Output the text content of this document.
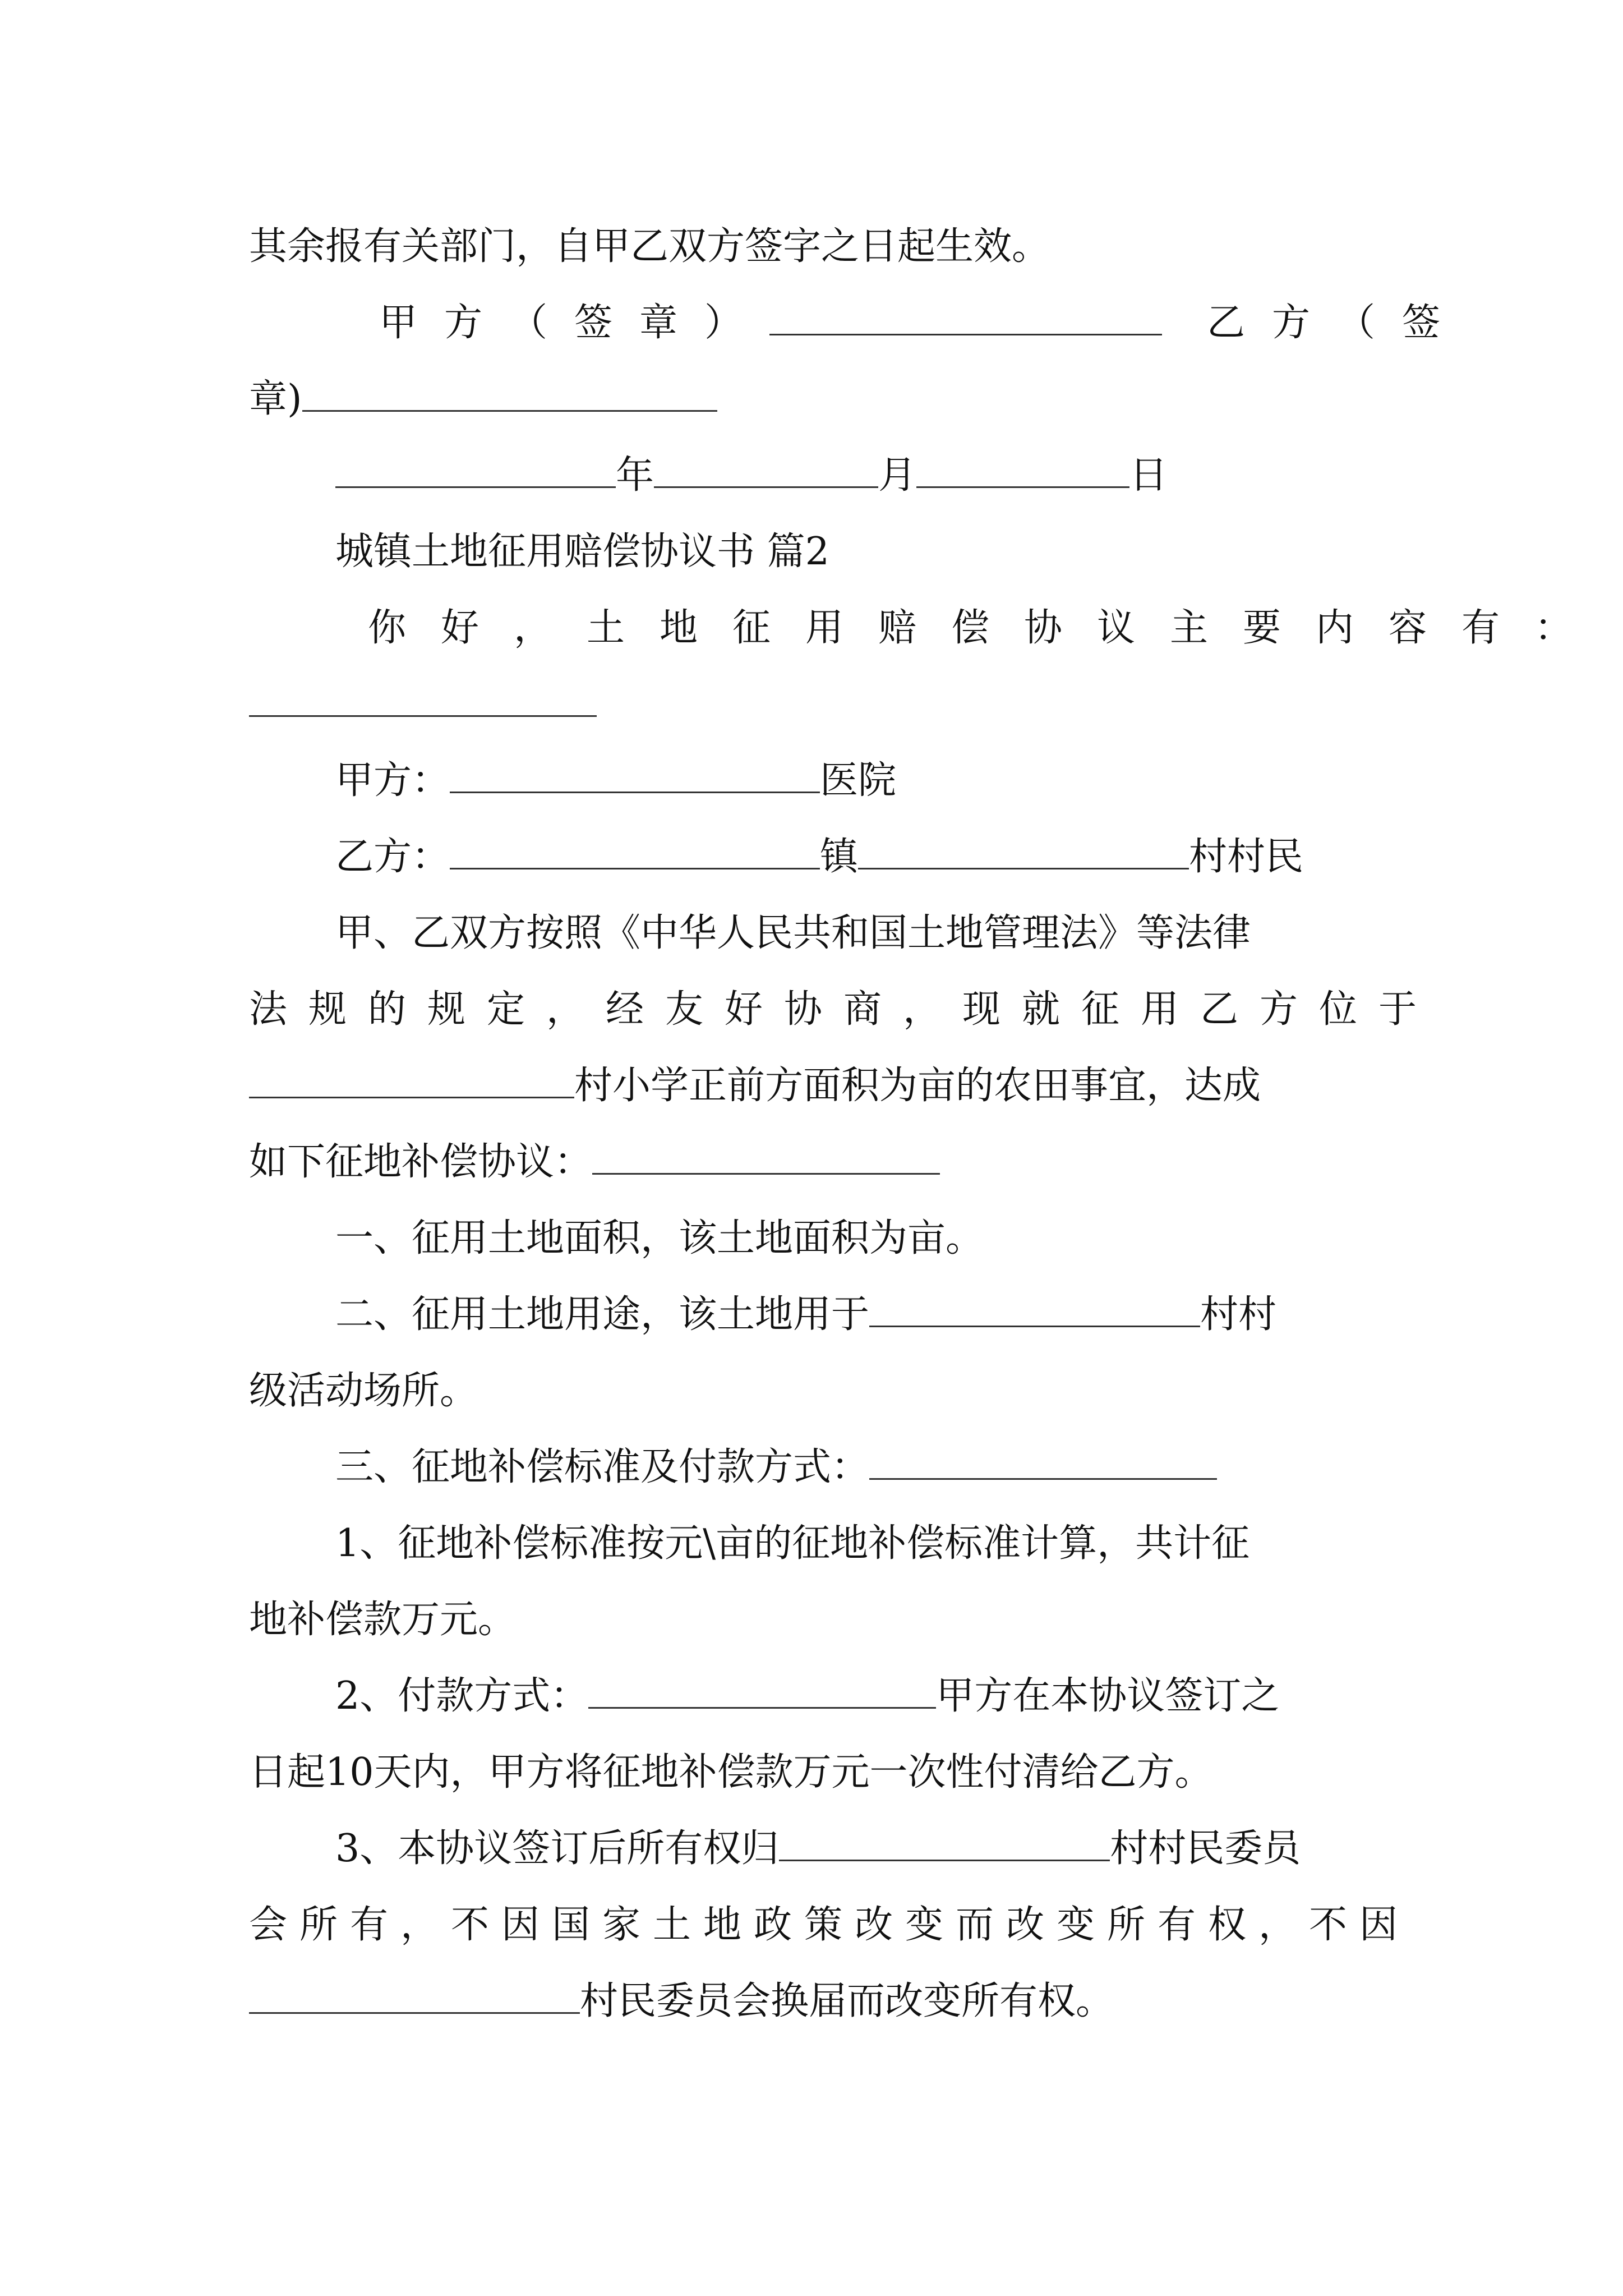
其余报有关部门，自甲乙双方签字之日起生效。
甲方（签章）	乙方（签
章)
年	月	日
城镇土地征用赔偿协议书 篇2
你好，土地征用赔偿协议主要内容有：
甲方：	医院
乙方：	镇	村村民
甲、乙双方按照《中华人民共和国土地管理法》等法律
法规的规定，经友好协商，现就征用乙方位于
村小学正前方面积为亩的农田事宜，达成
如下征地补偿协议：
一、征用土地面积，该土地面积为亩。
二、征用土地用途，该土地用于	村村
级活动场所。
三、征地补偿标准及付款方式：
1、征地补偿标准按元\亩的征地补偿标准计算，共计征
地补偿款万元。
2、付款方式：	甲方在本协议签订之
日起10天内，甲方将征地补偿款万元一次性付清给乙方。
3、本协议签订后所有权归	村村民委员
会所有，不因国家土地政策改变而改变所有权，不因
村民委员会换届而改变所有权。
